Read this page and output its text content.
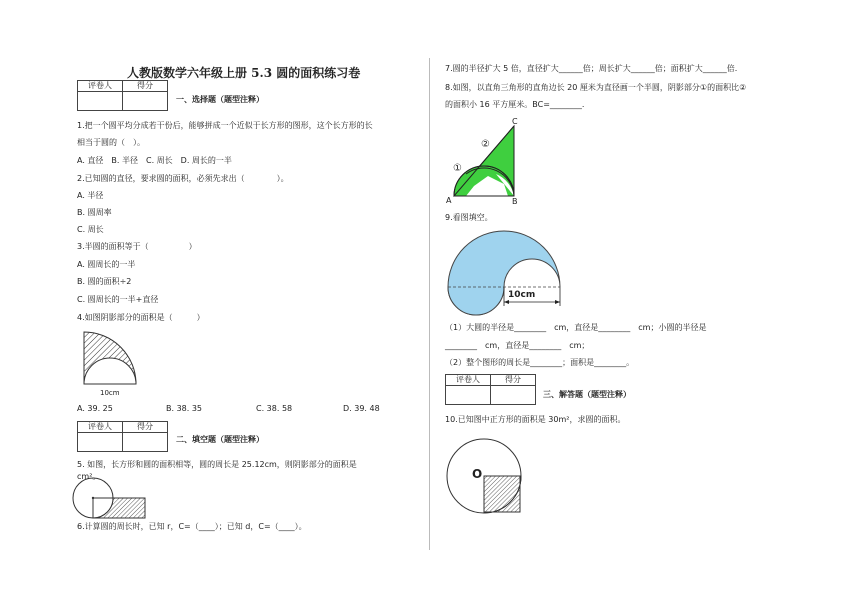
人教版数学六年级上册 5.3 圆的面积练习卷
评卷人	得分

一、选择题（题型注释）
1.把一个圆平均分成若干份后，能够拼成一个近似于长方形的图形，这个长方形的长
相当于圆的（　）。
A. 直径　B. 半径　C. 周长　D. 周长的一半
2.已知圆的直径，要求圆的面积，必须先求出（　　　　）。
A. 半径
B. 圆周率
C. 周长
3.半圆的面积等于（　　　　　）
A. 圆周长的一半
B. 圆的面积÷2
C. 圆周长的一半+直径
4.如图阴影部分的面积是（　　　）
10cm
A. 39. 25	B. 38. 35	C. 38. 58	D. 39. 48
评卷人	得分

二、填空题（题型注释）
5. 如图，长方形和圆的面积相等，圆的周长是 25.12cm，则阴影部分的面积是
cm²。
6.计算圆的周长时，已知 r，C=（____）；已知 d，C=（____）。
7.圆的半径扩大 5 倍，直径扩大______倍；周长扩大______倍；面积扩大______倍.
8.如图，以直角三角形的直角边长 20 厘米为直径画一个半圆，阴影部分①的面积比②
的面积小 16 平方厘米。BC=________.
C
A	B
①
②
9.看图填空。
10cm
（1）大圆的半径是________　cm，直径是________　cm；小圆的半径是
________　cm，直径是________　cm；
（2）整个图形的周长是________；面积是________。
评卷人	得分

三、解答题（题型注释）
10.已知图中正方形的面积是 30m²，求圆的面积。
O
